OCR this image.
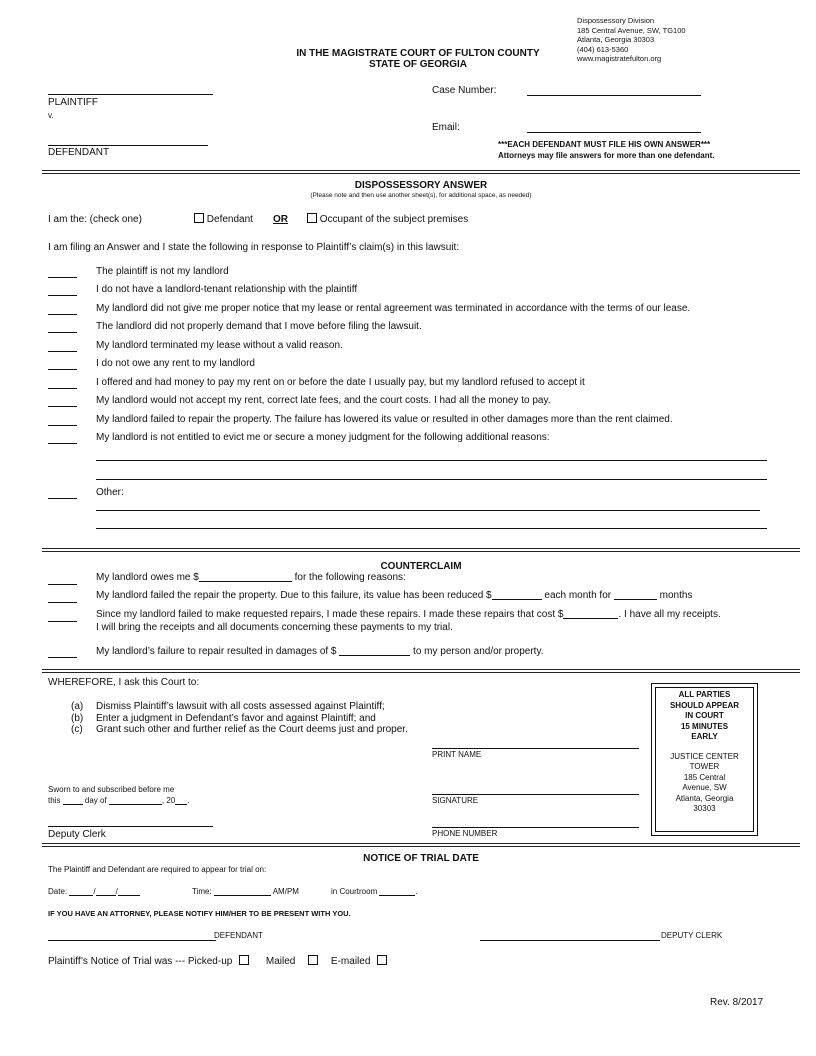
IN THE MAGISTRATE COURT OF FULTON COUNTY
STATE OF GEORGIA
Dispossessory Division
185 Central Avenue, SW, TG100
Atlanta, Georgia 30303
(404) 613-5360
www.magistratefulton.org
PLAINTIFF
v.
DEFENDANT
Case Number:
Email:
***EACH DEFENDANT MUST FILE HIS OWN ANSWER***
Attorneys may file answers for more than one defendant.
DISPOSSESSORY ANSWER
(Please note and then use another sheet(s), for additional space, as needed)
I am the: (check one)	Defendant OR	Occupant of the subject premises
I am filing an Answer and I state the following in response to Plaintiff’s claim(s) in this lawsuit:
The plaintiff is not my landlord
I do not have a landlord-tenant relationship with the plaintiff
My landlord did not give me proper notice that my lease or rental agreement was terminated in accordance with the terms of our lease.
The landlord did not properly demand that I move before filing the lawsuit.
My landlord terminated my lease without a valid reason.
I do not owe any rent to my landlord
I offered and had money to pay my rent on or before the date I usually pay, but my landlord refused to accept it
My landlord would not accept my rent, correct late fees, and the court costs. I had all the money to pay.
My landlord failed to repair the property. The failure has lowered its value or resulted in other damages more than the rent claimed.
My landlord is not entitled to evict me or secure a money judgment for the following additional reasons:
Other:
COUNTERCLAIM
My landlord owes me $	for the following reasons:
My landlord failed the repair the property. Due to this failure, its value has been reduced $	each month for	months
Since my landlord failed to make requested repairs, I made these repairs. I made these repairs that cost $	. I have all my receipts.
I will bring the receipts and all documents concerning these payments to my trial.
My landlord’s failure to repair resulted in damages of $	to my person and/or property.
WHEREFORE, I ask this Court to:
(a) Dismiss Plaintiff’s lawsuit with all costs assessed against Plaintiff;
(b) Enter a judgment in Defendant’s favor and against Plaintiff; and
(c) Grant such other and further relief as the Court deems just and proper.
PRINT NAME
SIGNATURE
PHONE NUMBER
Sworn to and subscribed before me
this	day of	, 20 .
Deputy Clerk
ALL PARTIES
SHOULD APPEAR
IN COURT
15 MINUTES
EARLY
JUSTICE CENTER
TOWER
185 Central
Avenue, SW
Atlanta, Georgia
30303
NOTICE OF TRIAL DATE
The Plaintiff and Defendant are required to appear for trial on:
Date:	/	/	Time:	AM/PM	in Courtroom	.
IF YOU HAVE AN ATTORNEY, PLEASE NOTIFY HIM/HER TO BE PRESENT WITH YOU.
DEFENDANT	DEPUTY CLERK
Plaintiff’s Notice of Trial was --- Picked-up	Mailed	E-mailed
Rev. 8/2017
